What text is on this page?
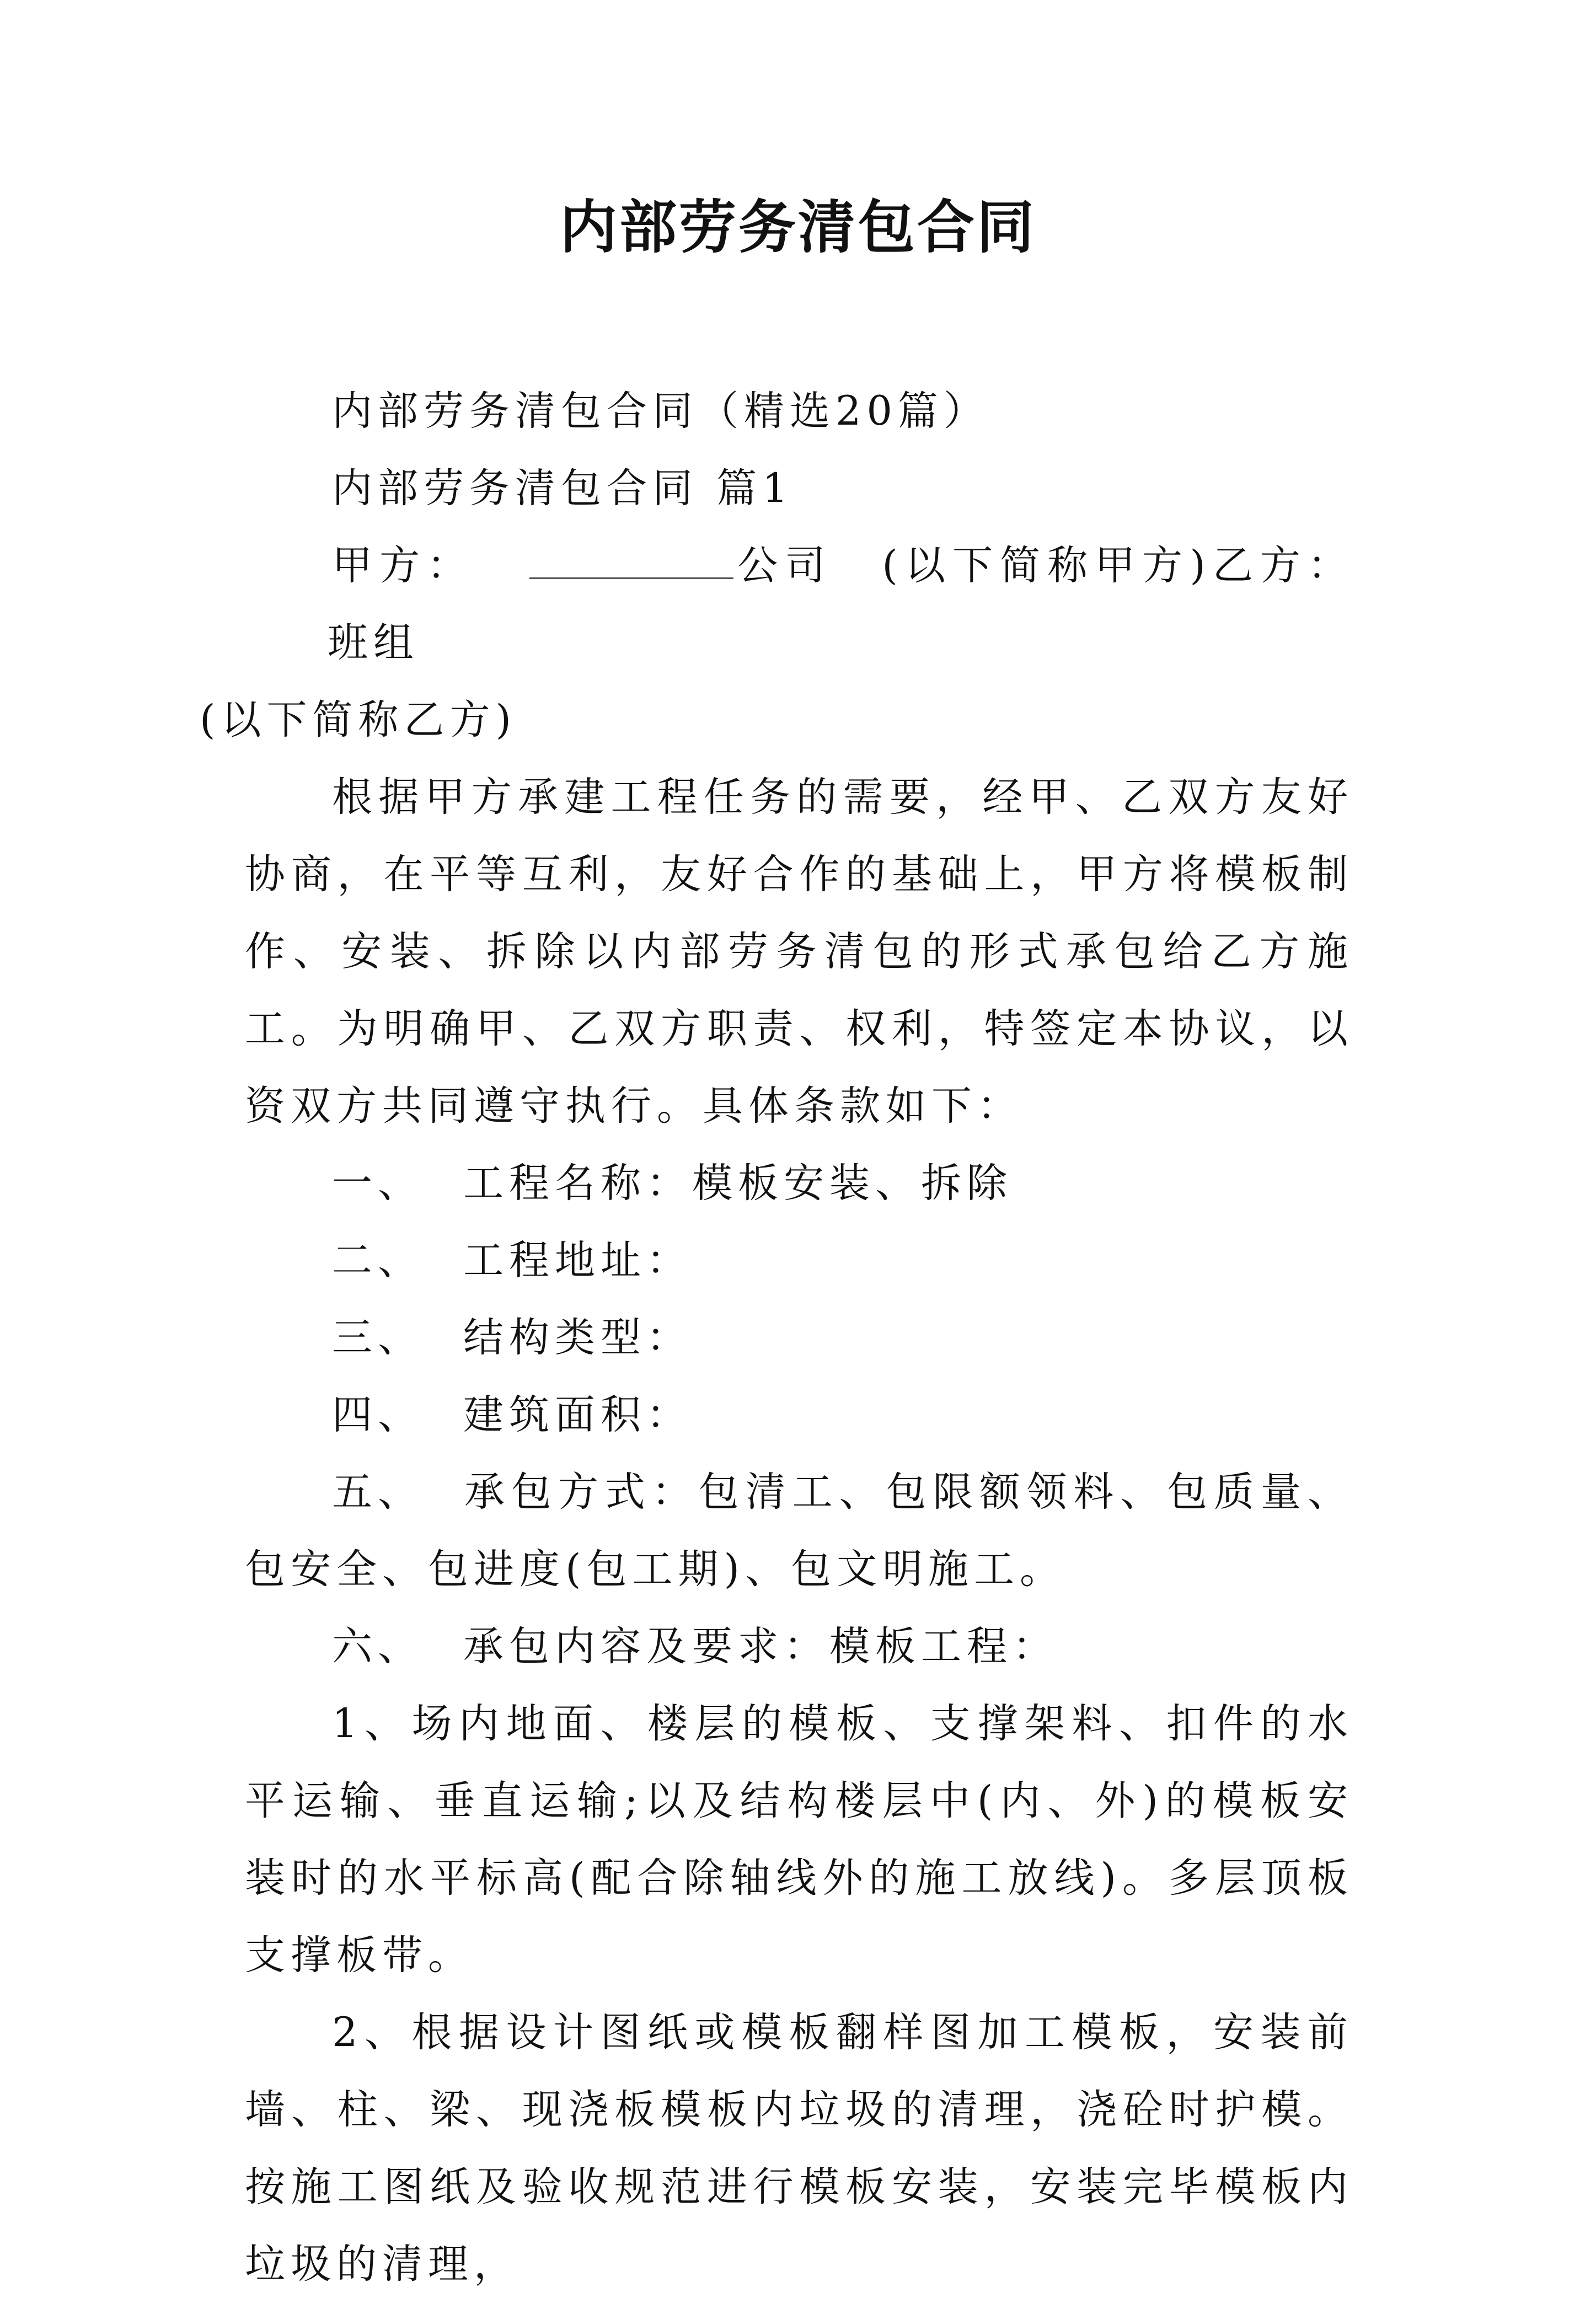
内部劳务清包合同

内部劳务清包合同（精选20篇）

内部劳务清包合同 篇1

甲方：	公司 (以下简称甲方)乙方：班组
(以下简称乙方)

根据甲方承建工程任务的需要，经甲、乙双方友好协商，在平等互利，友好合作的基础上，甲方将模板制作、安装、拆除以内部劳务清包的形式承包给乙方施工。为明确甲、乙双方职责、权利，特签定本协议，以资双方共同遵守执行。具体条款如下：

一、 工程名称：模板安装、拆除

二、 工程地址：

三、 结构类型：

四、 建筑面积：

五、 承包方式：包清工、包限额领料、包质量、包安全、包进度(包工期)、包文明施工。

六、 承包内容及要求：模板工程：

1、场内地面、楼层的模板、支撑架料、扣件的水平运输、垂直运输;以及结构楼层中(内、外)的模板安装时的水平标高(配合除轴线外的施工放线)。多层顶板支撑板带。

2、根据设计图纸或模板翻样图加工模板，安装前墙、柱、梁、现浇板模板内垃圾的清理，浇砼时护模。按施工图纸及验收规范进行模板安装，安装完毕模板内垃圾的清理，
